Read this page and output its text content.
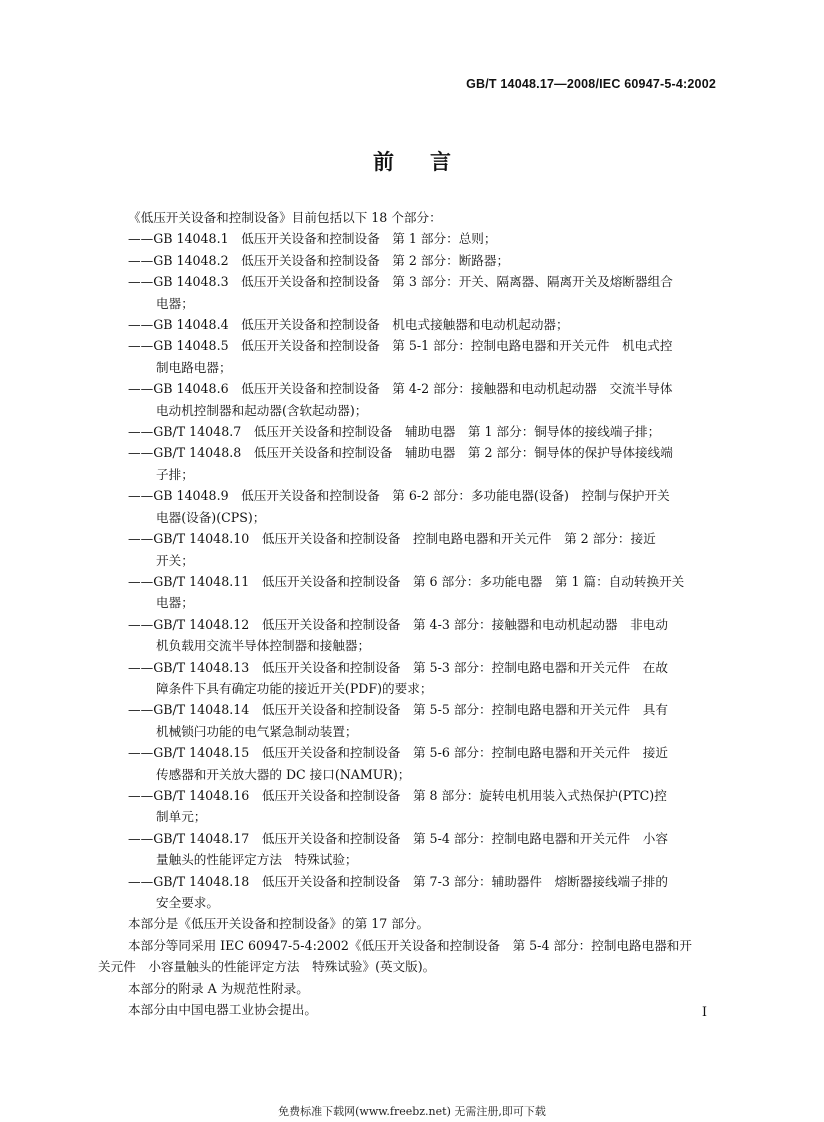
GB/T 14048.17—2008/IEC 60947-5-4:2002
前言

《低压开关设备和控制设备》目前包括以下 18 个部分：

——GB 14048.1　低压开关设备和控制设备　第 1 部分：总则；
——GB 14048.2　低压开关设备和控制设备　第 2 部分：断路器；
——GB 14048.3　低压开关设备和控制设备　第 3 部分：开关、隔离器、隔离开关及熔断器组合
电器；
——GB 14048.4　低压开关设备和控制设备　机电式接触器和电动机起动器；
——GB 14048.5　低压开关设备和控制设备　第 5-1 部分：控制电路电器和开关元件　机电式控
制电路电器；
——GB 14048.6　低压开关设备和控制设备　第 4-2 部分：接触器和电动机起动器　交流半导体
电动机控制器和起动器(含软起动器)；
——GB/T 14048.7　低压开关设备和控制设备　辅助电器　第 1 部分：铜导体的接线端子排；
——GB/T 14048.8　低压开关设备和控制设备　辅助电器　第 2 部分：铜导体的保护导体接线端
子排；
——GB 14048.9　低压开关设备和控制设备　第 6-2 部分：多功能电器(设备)　控制与保护开关
电器(设备)(CPS)；
——GB/T 14048.10　低压开关设备和控制设备　控制电路电器和开关元件　第 2 部分：接近
开关；
——GB/T 14048.11　低压开关设备和控制设备　第 6 部分：多功能电器　第 1 篇：自动转换开关
电器；
——GB/T 14048.12　低压开关设备和控制设备　第 4-3 部分：接触器和电动机起动器　非电动
机负载用交流半导体控制器和接触器；
——GB/T 14048.13　低压开关设备和控制设备　第 5-3 部分：控制电路电器和开关元件　在故
障条件下具有确定功能的接近开关(PDF)的要求；
——GB/T 14048.14　低压开关设备和控制设备　第 5-5 部分：控制电路电器和开关元件　具有
机械锁闩功能的电气紧急制动装置；
——GB/T 14048.15　低压开关设备和控制设备　第 5-6 部分：控制电路电器和开关元件　接近
传感器和开关放大器的 DC 接口(NAMUR)；
——GB/T 14048.16　低压开关设备和控制设备　第 8 部分：旋转电机用装入式热保护(PTC)控
制单元；
——GB/T 14048.17　低压开关设备和控制设备　第 5-4 部分：控制电路电器和开关元件　小容
量触头的性能评定方法　特殊试验；
——GB/T 14048.18　低压开关设备和控制设备　第 7-3 部分：辅助器件　熔断器接线端子排的
安全要求。

本部分是《低压开关设备和控制设备》的第 17 部分。

本部分等同采用 IEC 60947-5-4:2002《低压开关设备和控制设备　第 5-4 部分：控制电路电器和开

关元件　小容量触头的性能评定方法　特殊试验》(英文版)。

本部分的附录 A 为规范性附录。

本部分由中国电器工业协会提出。	I
免费标准下载网(www.freebz.net) 无需注册,即可下载
